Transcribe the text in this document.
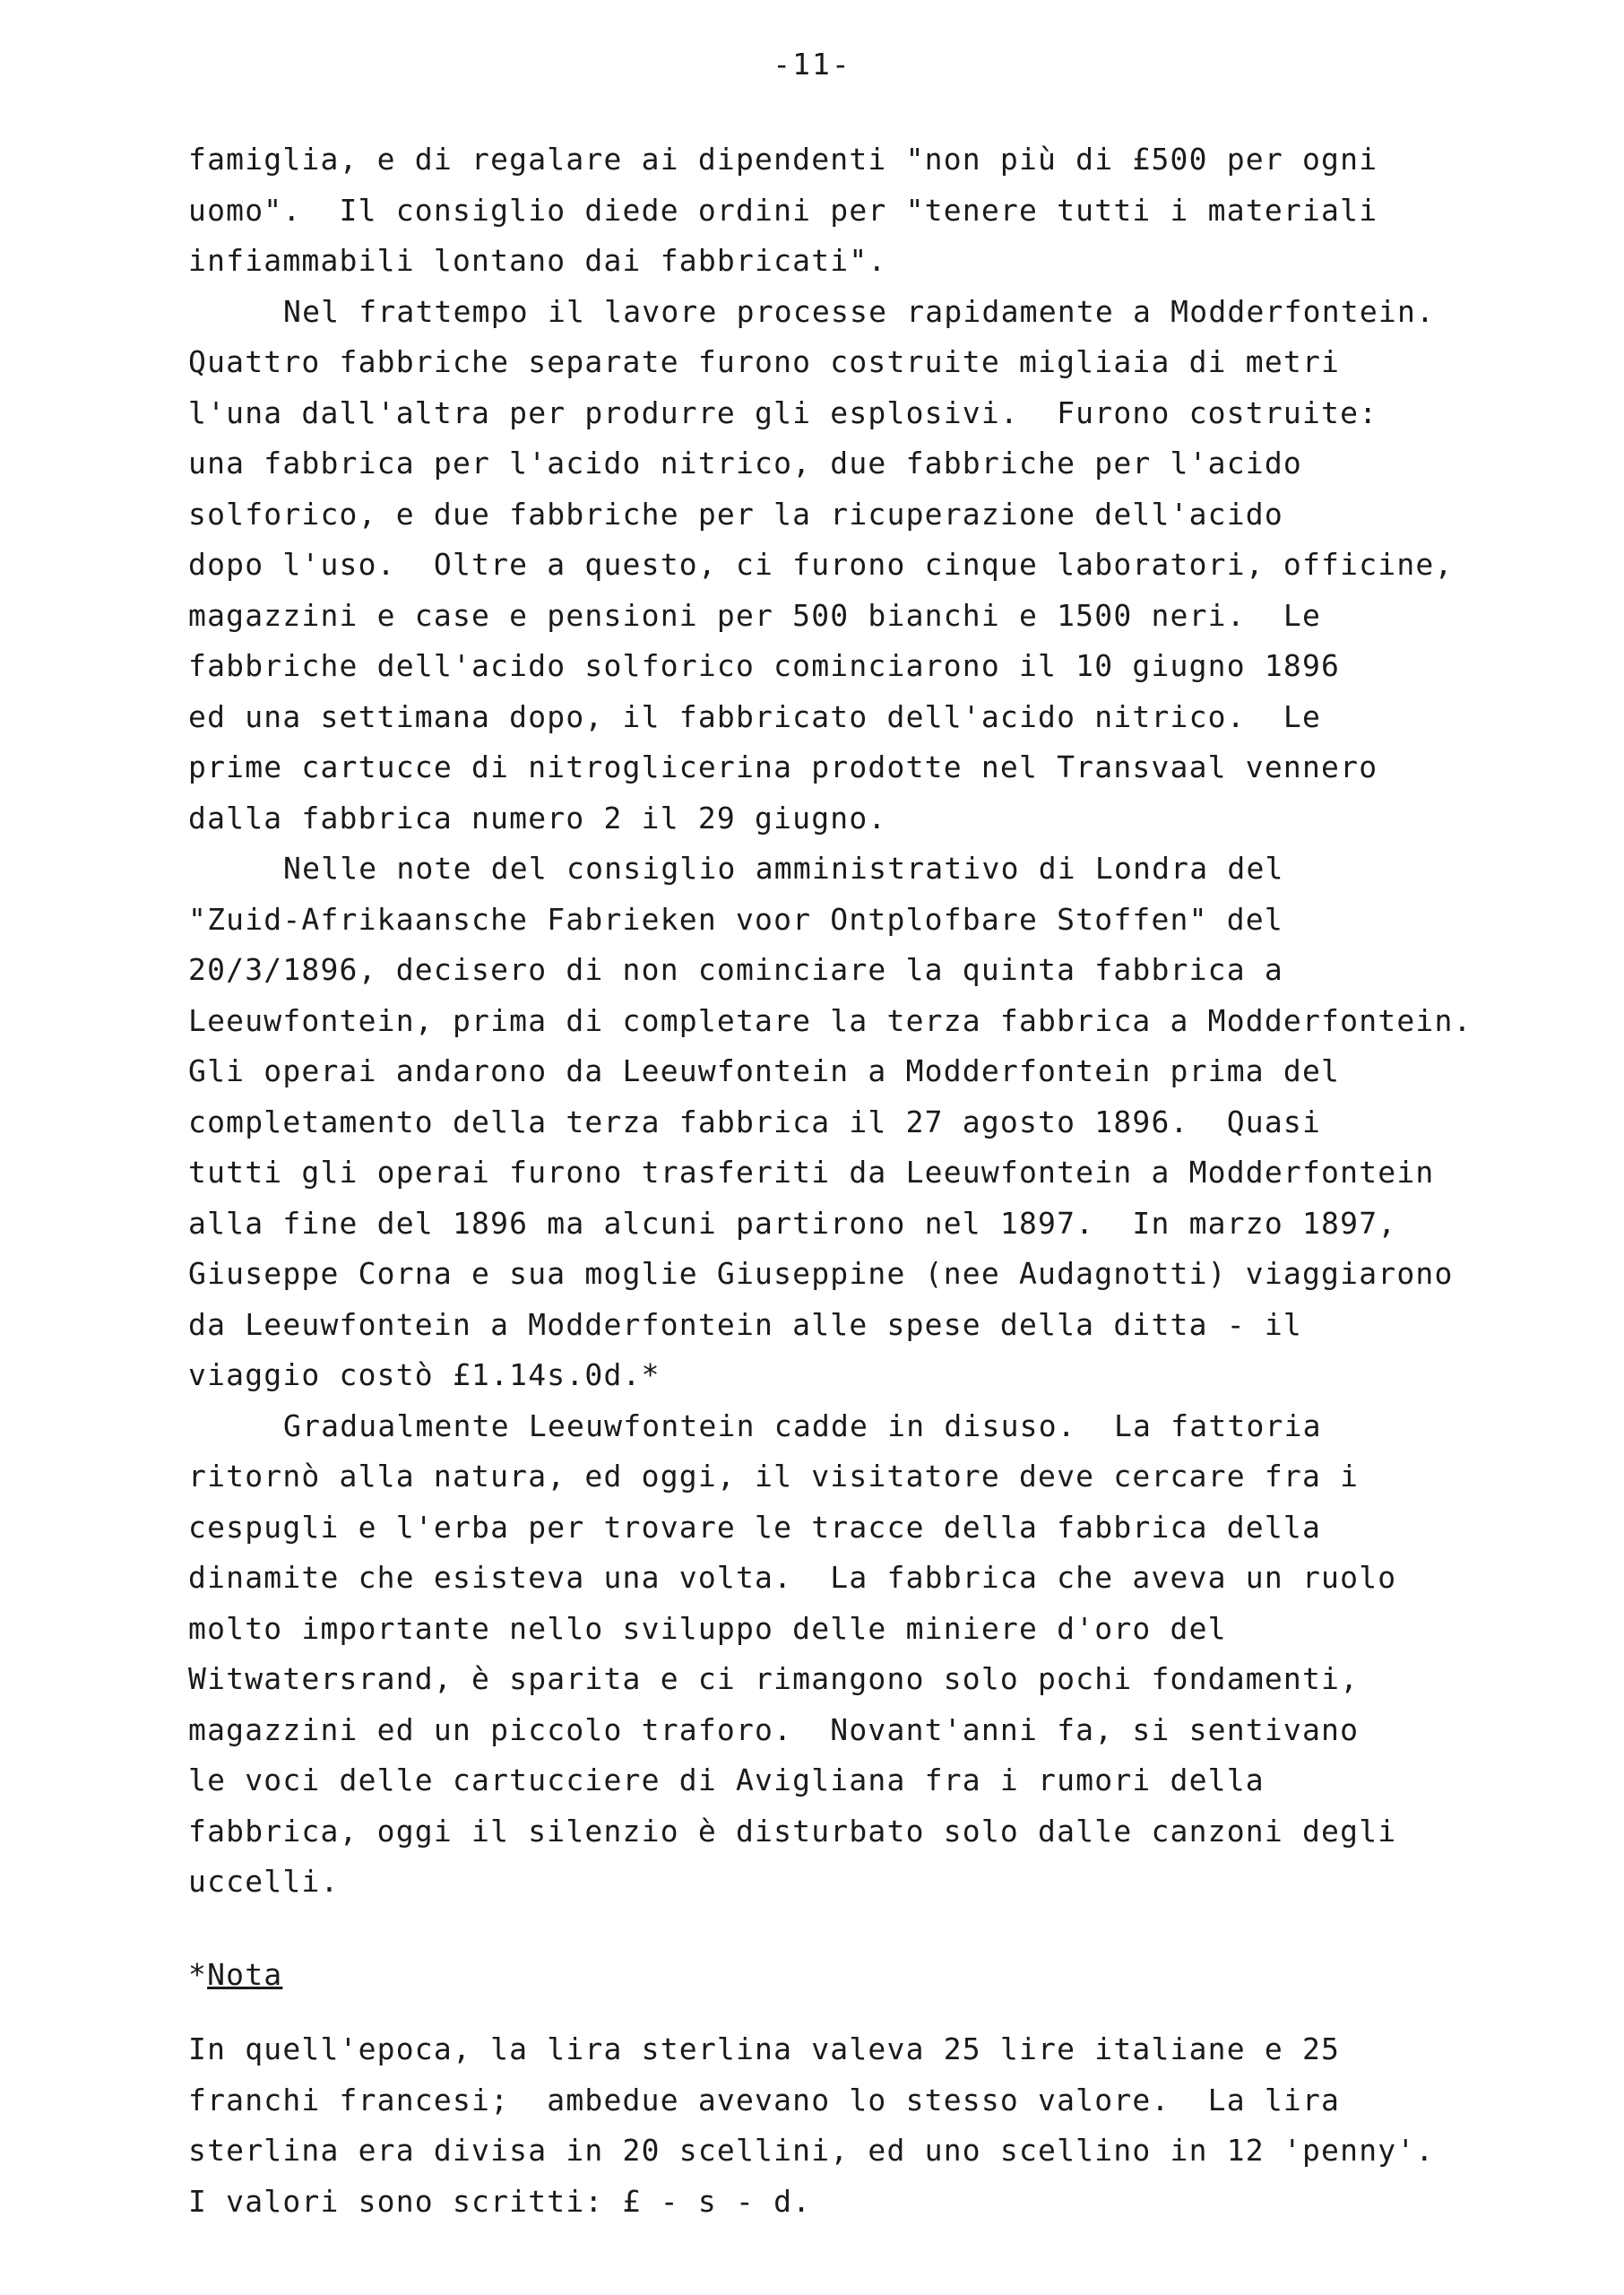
-11-
famiglia, e di regalare ai dipendenti "non più di £500 per ogni
uomo".  Il consiglio diede ordini per "tenere tutti i materiali
infiammabili lontano dai fabbricati".
Nel frattempo il lavore processe rapidamente a Modderfontein.
Quattro fabbriche separate furono costruite migliaia di metri
l'una dall'altra per produrre gli esplosivi.  Furono costruite:
una fabbrica per l'acido nitrico, due fabbriche per l'acido
solforico, e due fabbriche per la ricuperazione dell'acido
dopo l'uso.  Oltre a questo, ci furono cinque laboratori, officine,
magazzini e case e pensioni per 500 bianchi e 1500 neri.  Le
fabbriche dell'acido solforico cominciarono il 10 giugno 1896
ed una settimana dopo, il fabbricato dell'acido nitrico.  Le
prime cartucce di nitroglicerina prodotte nel Transvaal vennero
dalla fabbrica numero 2 il 29 giugno.
Nelle note del consiglio amministrativo di Londra del
"Zuid-Afrikaansche Fabrieken voor Ontplofbare Stoffen" del
20/3/1896, decisero di non cominciare la quinta fabbrica a
Leeuwfontein, prima di completare la terza fabbrica a Modderfontein.
Gli operai andarono da Leeuwfontein a Modderfontein prima del
completamento della terza fabbrica il 27 agosto 1896.  Quasi
tutti gli operai furono trasferiti da Leeuwfontein a Modderfontein
alla fine del 1896 ma alcuni partirono nel 1897.  In marzo 1897,
Giuseppe Corna e sua moglie Giuseppine (nee Audagnotti) viaggiarono
da Leeuwfontein a Modderfontein alle spese della ditta - il
viaggio costò £1.14s.0d.*
Gradualmente Leeuwfontein cadde in disuso.  La fattoria
ritornò alla natura, ed oggi, il visitatore deve cercare fra i
cespugli e l'erba per trovare le tracce della fabbrica della
dinamite che esisteva una volta.  La fabbrica che aveva un ruolo
molto importante nello sviluppo delle miniere d'oro del
Witwatersrand, è sparita e ci rimangono solo pochi fondamenti,
magazzini ed un piccolo traforo.  Novant'anni fa, si sentivano
le voci delle cartucciere di Avigliana fra i rumori della
fabbrica, oggi il silenzio è disturbato solo dalle canzoni degli
uccelli.
*Nota
In quell'epoca, la lira sterlina valeva 25 lire italiane e 25
franchi francesi;  ambedue avevano lo stesso valore.  La lira
sterlina era divisa in 20 scellini, ed uno scellino in 12 'penny'.
I valori sono scritti: £ - s - d.
